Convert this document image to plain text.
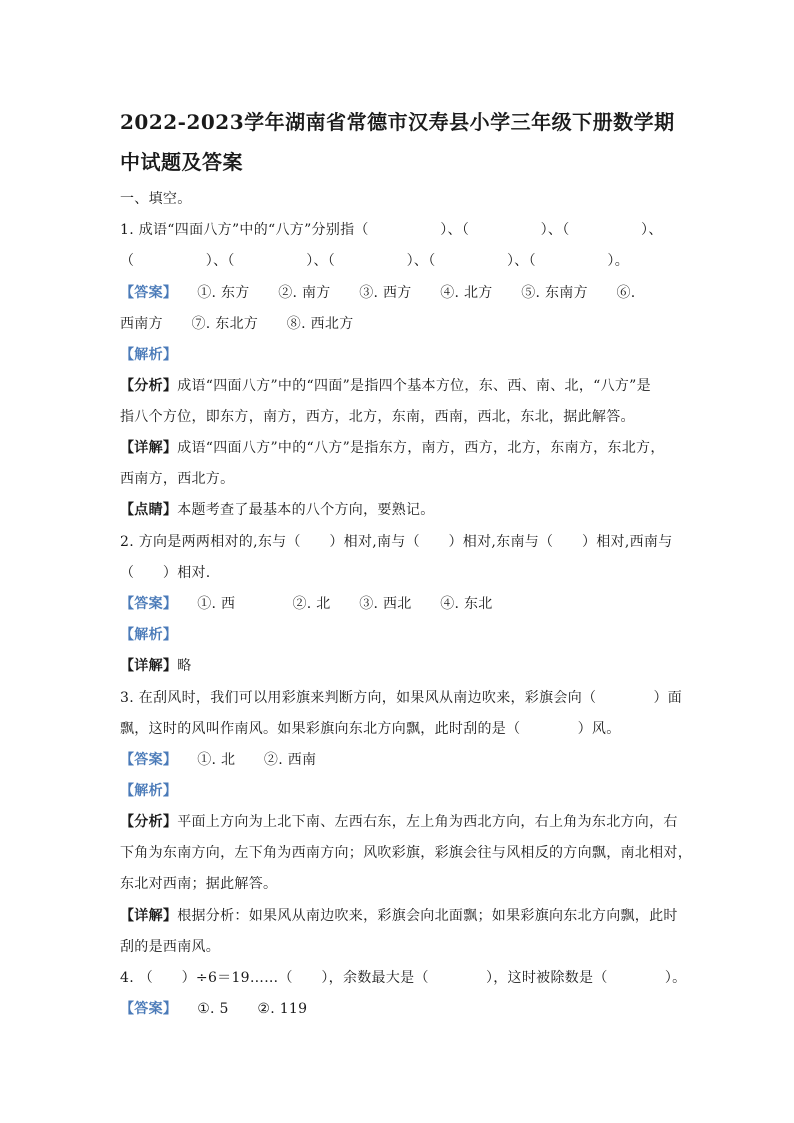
2022-2023学年湖南省常德市汉寿县小学三年级下册数学期
中试题及答案
一、填空。
1. 成语“四面八方”中的“八方”分别指（　　　　　）、（　　　　　）、（　　　　　）、
（　　　　　）、（　　　　　）、（　　　　　）、（　　　　　）、（　　　　　）。
【答案】 ①. 东方　　②. 南方　　③. 西方　　④. 北方　　⑤. 东南方　　⑥.
西南方　　⑦. 东北方　　⑧. 西北方
【解析】
【分析】成语“四面八方”中的“四面”是指四个基本方位，东、西、南、北，“八方”是
指八个方位，即东方，南方，西方，北方，东南，西南，西北，东北，据此解答。
【详解】成语“四面八方”中的“八方”是指东方，南方，西方，北方，东南方，东北方，
西南方，西北方。
【点睛】本题考查了最基本的八个方向，要熟记。
2. 方向是两两相对的,东与（　　）相对,南与（　　）相对,东南与（　　）相对,西南与
（　　）相对.
【答案】 ①. 西　　　　②. 北　　③. 西北　　④. 东北
【解析】
【详解】略
3. 在刮风时，我们可以用彩旗来判断方向，如果风从南边吹来，彩旗会向（　　　　）面
飘，这时的风叫作南风。如果彩旗向东北方向飘，此时刮的是（　　　　）风。
【答案】 ①. 北　　②. 西南
【解析】
【分析】平面上方向为上北下南、左西右东，左上角为西北方向，右上角为东北方向，右
下角为东南方向，左下角为西南方向；风吹彩旗，彩旗会往与风相反的方向飘，南北相对，
东北对西南；据此解答。
【详解】根据分析：如果风从南边吹来，彩旗会向北面飘；如果彩旗向东北方向飘，此时
刮的是西南风。
4. （　　）÷6＝19……（　　），余数最大是（　　　　），这时被除数是（　　　　）。
【答案】 ①. 5　　②. 119
